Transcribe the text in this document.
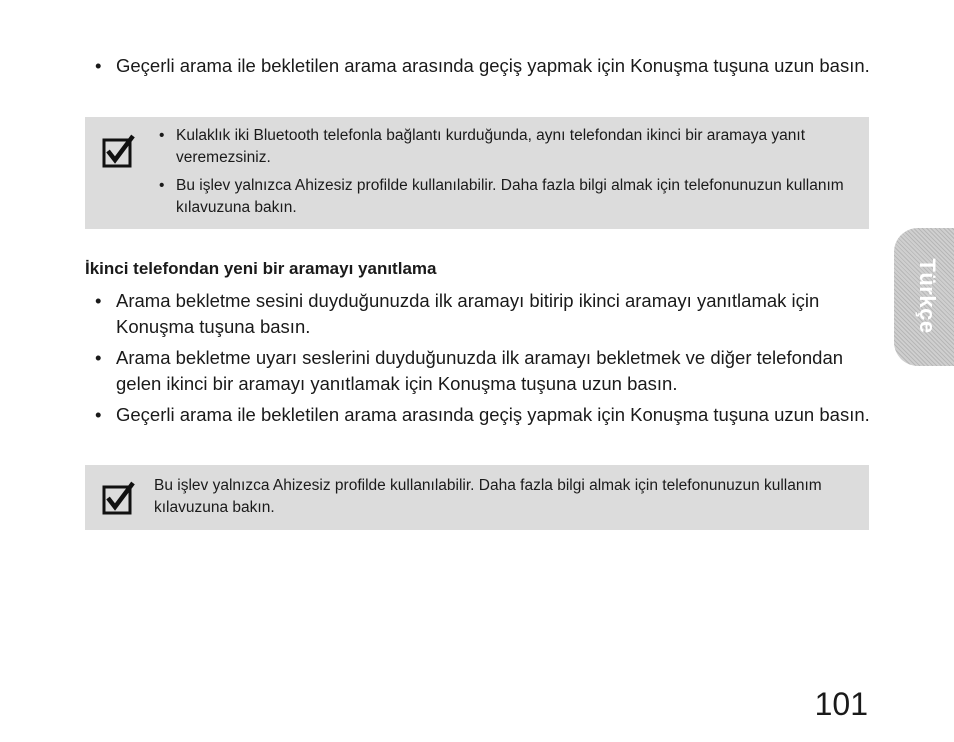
• Geçerli arama ile bekletilen arama arasında geçiş yapmak için Konuşma tuşuna uzun basın.
• Kulaklık iki Bluetooth telefonla bağlantı kurduğunda, aynı telefondan ikinci bir aramaya yanıt veremezsiniz.
• Bu işlev yalnızca Ahizesiz profilde kullanılabilir. Daha fazla bilgi almak için telefonunuzun kullanım kılavuzuna bakın.
İkinci telefondan yeni bir aramayı yanıtlama
• Arama bekletme sesini duyduğunuzda ilk aramayı bitirip ikinci aramayı yanıtlamak için Konuşma tuşuna basın.
• Arama bekletme uyarı seslerini duyduğunuzda ilk aramayı bekletmek ve diğer telefondan gelen ikinci bir aramayı yanıtlamak için Konuşma tuşuna uzun basın.
• Geçerli arama ile bekletilen arama arasında geçiş yapmak için Konuşma tuşuna uzun basın.

Bu işlev yalnızca Ahizesiz profilde kullanılabilir. Daha fazla bilgi almak için telefonunuzun kullanım kılavuzuna bakın.

Türkçe
101
